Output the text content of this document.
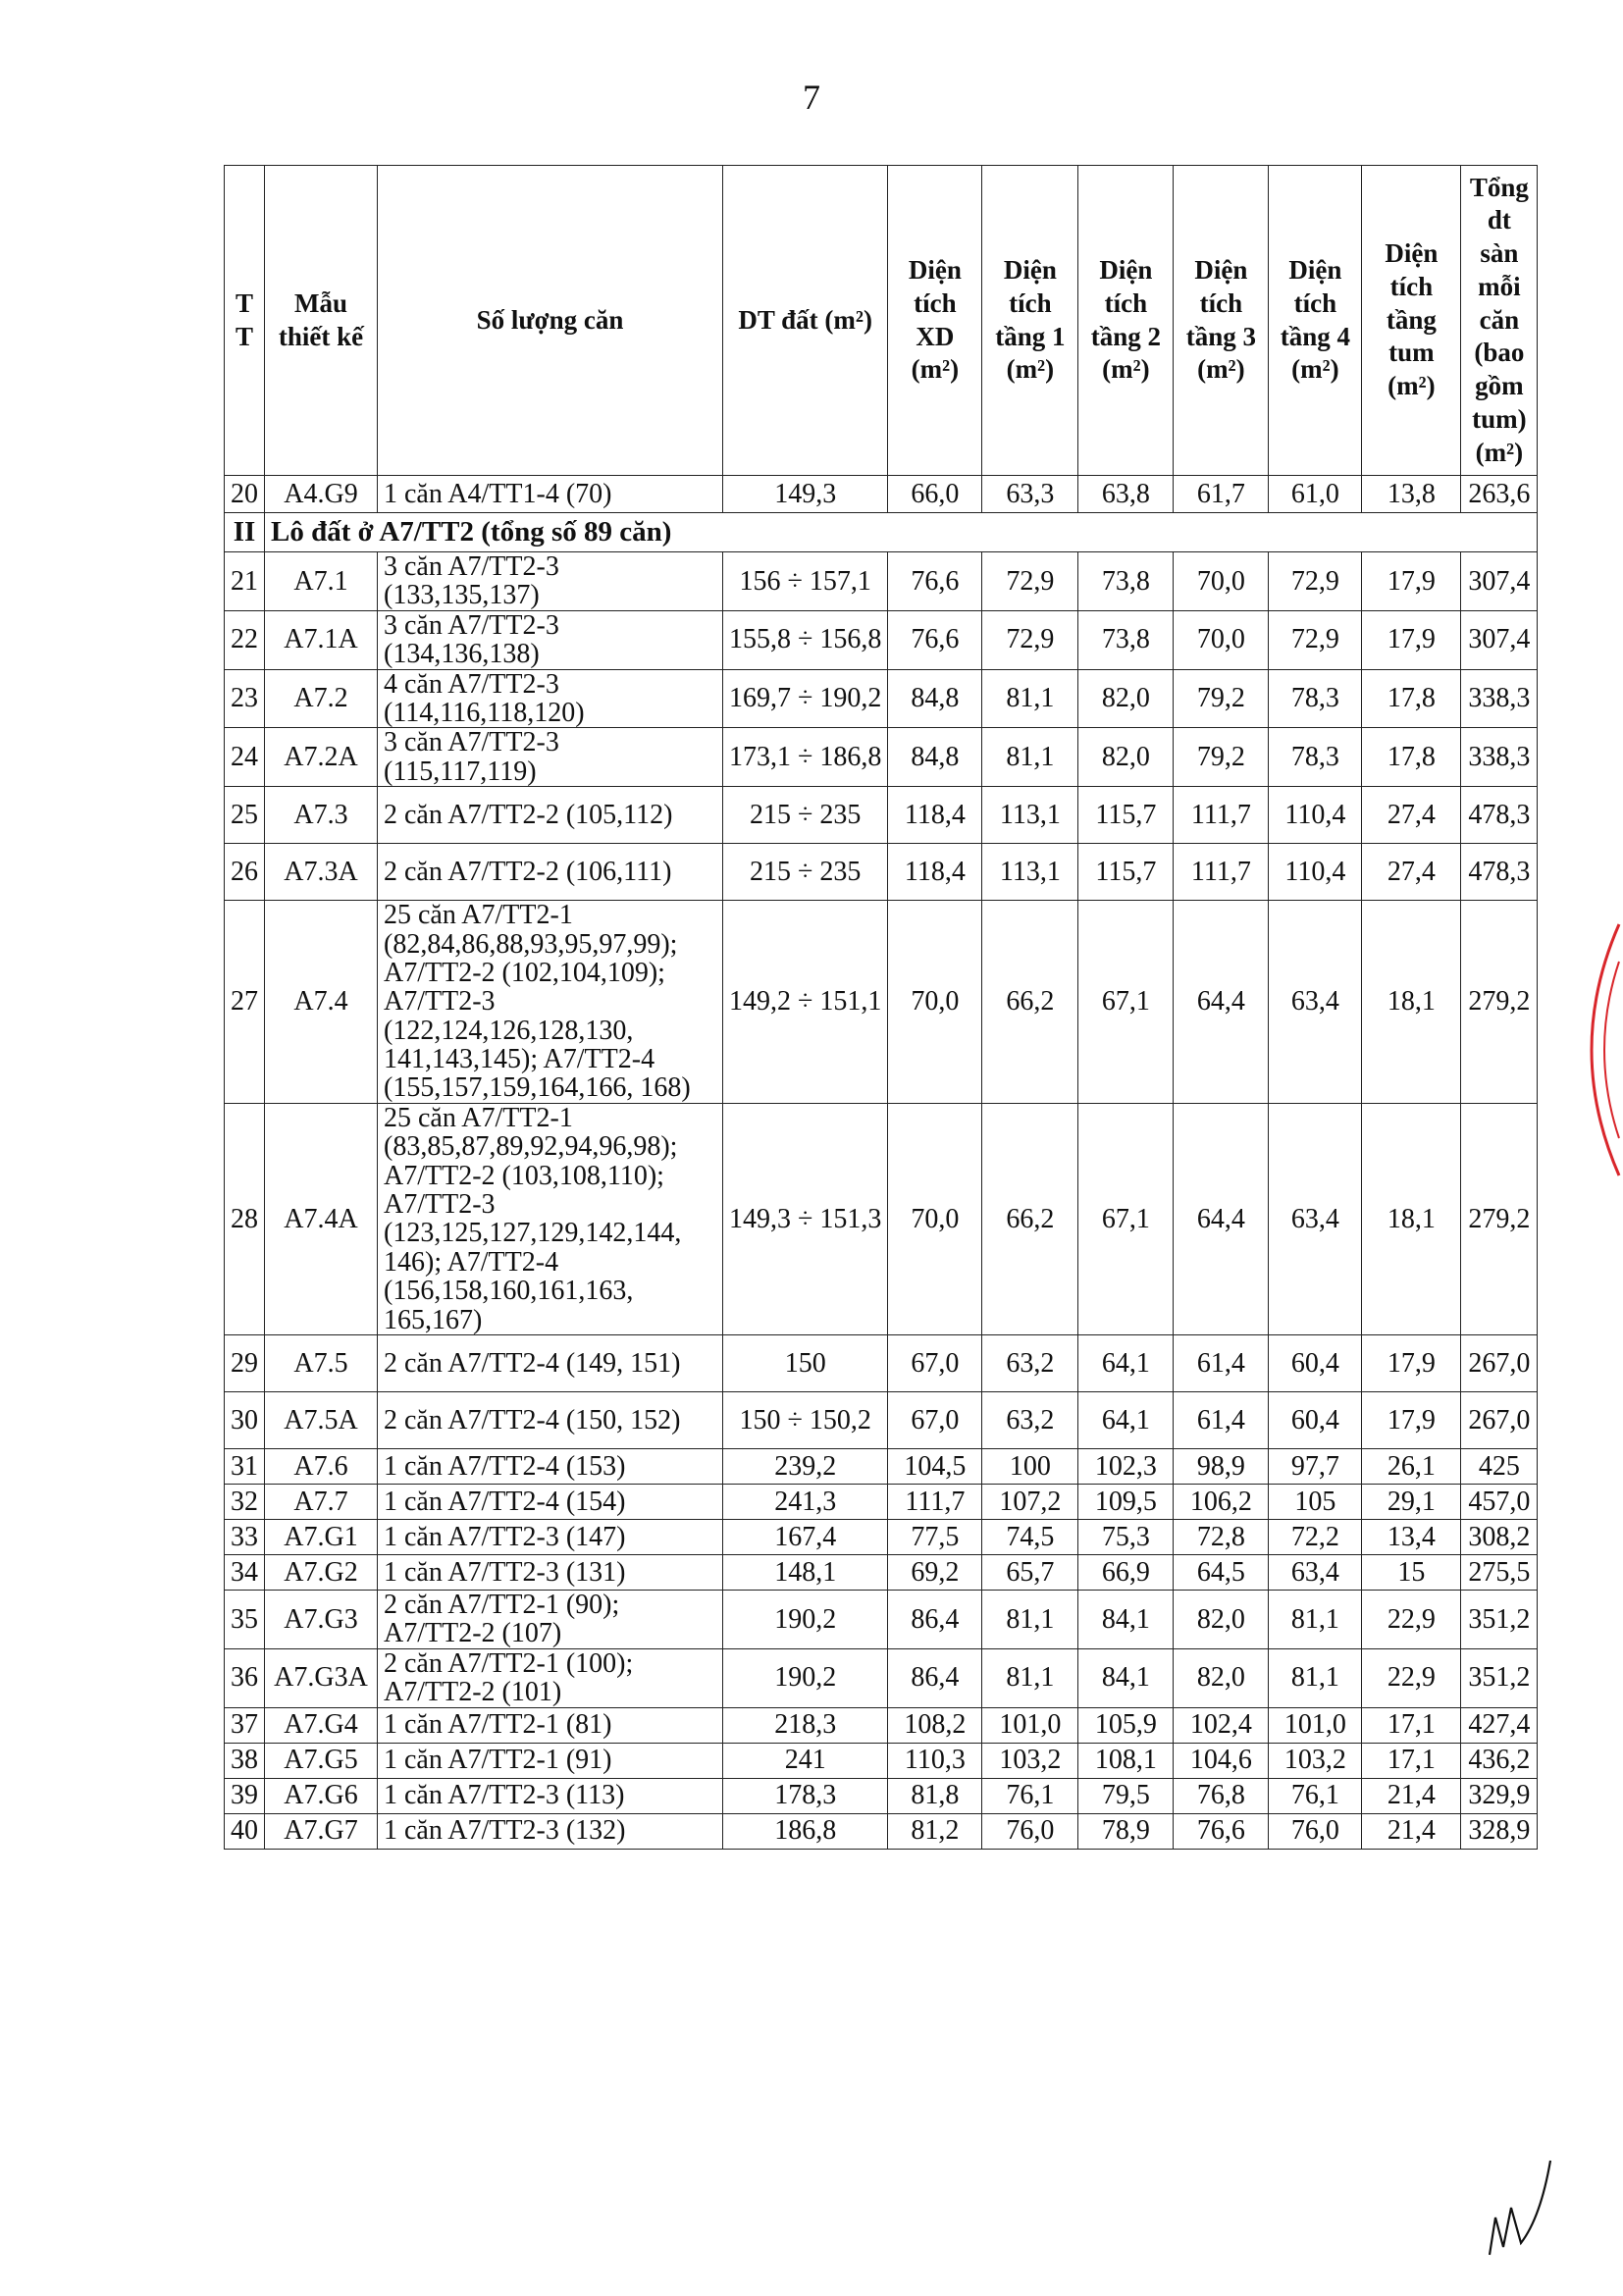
7
T T	Mẫu thiết kế	Số lượng căn	DT đất (m²)	Diện tích XD (m²)	Diện tích tầng 1 (m²)	Diện tích tầng 2 (m²)	Diện tích tầng 3 (m²)	Diện tích tầng 4 (m²)	Diện tích tầng tum (m²)	Tổng dt sàn mỗi căn (bao gồm tum) (m²)
20	A4.G9	1 căn A4/TT1-4 (70)	149,3	66,0	63,3	63,8	61,7	61,0	13,8	263,6
II	Lô đất ở A7/TT2 (tổng số 89 căn)									
21	A7.1	3 căn A7/TT2-3 (133,135,137)	156 ÷ 157,1	76,6	72,9	73,8	70,0	72,9	17,9	307,4
22	A7.1A	3 căn A7/TT2-3 (134,136,138)	155,8 ÷ 156,8	76,6	72,9	73,8	70,0	72,9	17,9	307,4
23	A7.2	4 căn A7/TT2-3 (114,116,118,120)	169,7 ÷ 190,2	84,8	81,1	82,0	79,2	78,3	17,8	338,3
24	A7.2A	3 căn A7/TT2-3 (115,117,119)	173,1 ÷ 186,8	84,8	81,1	82,0	79,2	78,3	17,8	338,3
25	A7.3	2 căn A7/TT2-2 (105,112)	215 ÷ 235	118,4	113,1	115,7	111,7	110,4	27,4	478,3
26	A7.3A	2 căn A7/TT2-2 (106,111)	215 ÷ 235	118,4	113,1	115,7	111,7	110,4	27,4	478,3
27	A7.4	25 căn A7/TT2-1 (82,84,86,88,93,95,97,99); A7/TT2-2 (102,104,109); A7/TT2-3 (122,124,126,128,130, 141,143,145); A7/TT2-4 (155,157,159,164,166, 168)	149,2 ÷ 151,1	70,0	66,2	67,1	64,4	63,4	18,1	279,2
28	A7.4A	25 căn A7/TT2-1 (83,85,87,89,92,94,96,98); A7/TT2-2 (103,108,110); A7/TT2-3 (123,125,127,129,142,144, 146); A7/TT2-4 (156,158,160,161,163, 165,167)	149,3 ÷ 151,3	70,0	66,2	67,1	64,4	63,4	18,1	279,2
29	A7.5	2 căn A7/TT2-4 (149, 151)	150	67,0	63,2	64,1	61,4	60,4	17,9	267,0
30	A7.5A	2 căn A7/TT2-4 (150, 152)	150 ÷ 150,2	67,0	63,2	64,1	61,4	60,4	17,9	267,0
31	A7.6	1 căn A7/TT2-4 (153)	239,2	104,5	100	102,3	98,9	97,7	26,1	425
32	A7.7	1 căn A7/TT2-4 (154)	241,3	111,7	107,2	109,5	106,2	105	29,1	457,0
33	A7.G1	1 căn A7/TT2-3 (147)	167,4	77,5	74,5	75,3	72,8	72,2	13,4	308,2
34	A7.G2	1 căn A7/TT2-3 (131)	148,1	69,2	65,7	66,9	64,5	63,4	15	275,5
35	A7.G3	2 căn A7/TT2-1 (90); A7/TT2-2 (107)	190,2	86,4	81,1	84,1	82,0	81,1	22,9	351,2
36	A7.G3A	2 căn A7/TT2-1 (100); A7/TT2-2 (101)	190,2	86,4	81,1	84,1	82,0	81,1	22,9	351,2
37	A7.G4	1 căn A7/TT2-1 (81)	218,3	108,2	101,0	105,9	102,4	101,0	17,1	427,4
38	A7.G5	1 căn A7/TT2-1 (91)	241	110,3	103,2	108,1	104,6	103,2	17,1	436,2
39	A7.G6	1 căn A7/TT2-3 (113)	178,3	81,8	76,1	79,5	76,8	76,1	21,4	329,9
40	A7.G7	1 căn A7/TT2-3 (132)	186,8	81,2	76,0	78,9	76,6	76,0	21,4	328,9
